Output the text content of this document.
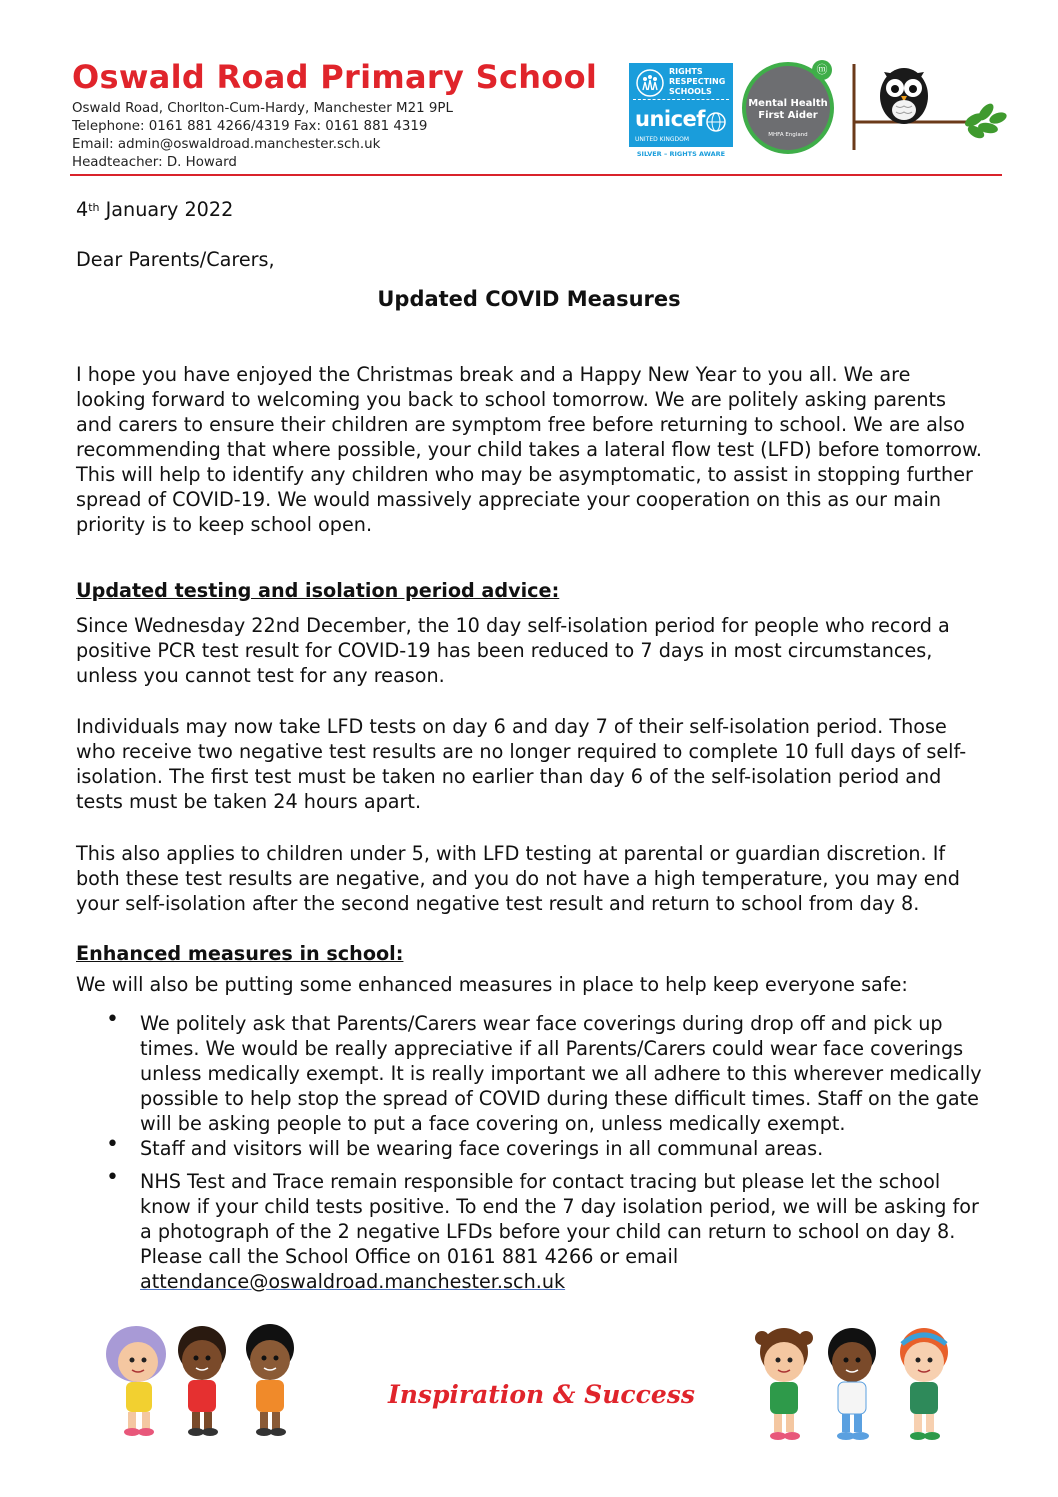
Oswald Road Primary School
Oswald Road, Chorlton-Cum-Hardy, Manchester M21 9PL
Telephone: 0161 881 4266/4319 Fax: 0161 881 4319
Email: admin@oswaldroad.manchester.sch.uk
Headteacher: D. Howard
RIGHTS
RESPECTING
SCHOOLS
unicef
UNITED KINGDOM
SILVER – RIGHTS AWARE
ⓜ
Mental Health
First Aider
MHFA England

4th January 2022

Dear Parents/Carers,

Updated COVID Measures

I hope you have enjoyed the Christmas break and a Happy New Year to you all. We are looking forward to welcoming you back to school tomorrow. We are politely asking parents and carers to ensure their children are symptom free before returning to school. We are also recommending that where possible, your child takes a lateral flow test (LFD) before tomorrow. This will help to identify any children who may be asymptomatic, to assist in stopping further spread of COVID-19. We would massively appreciate your cooperation on this as our main priority is to keep school open.

Updated testing and isolation period advice:

Since Wednesday 22nd December, the 10 day self-isolation period for people who record a positive PCR test result for COVID-19 has been reduced to 7 days in most circumstances, unless you cannot test for any reason.

Individuals may now take LFD tests on day 6 and day 7 of their self-isolation period. Those who receive two negative test results are no longer required to complete 10 full days of self-isolation. The first test must be taken no earlier than day 6 of the self-isolation period and tests must be taken 24 hours apart.

This also applies to children under 5, with LFD testing at parental or guardian discretion. If both these test results are negative, and you do not have a high temperature, you may end your self-isolation after the second negative test result and return to school from day 8.

Enhanced measures in school:

We will also be putting some enhanced measures in place to help keep everyone safe:

• We politely ask that Parents/Carers wear face coverings during drop off and pick up times. We would be really appreciative if all Parents/Carers could wear face coverings unless medically exempt. It is really important we all adhere to this wherever medically possible to help stop the spread of COVID during these difficult times. Staff on the gate will be asking people to put a face covering on, unless medically exempt.
• Staff and visitors will be wearing face coverings in all communal areas.
• NHS Test and Trace remain responsible for contact tracing but please let the school know if your child tests positive. To end the 7 day isolation period, we will be asking for a photograph of the 2 negative LFDs before your child can return to school on day 8. Please call the School Office on 0161 881 4266 or email
attendance@oswaldroad.manchester.sch.uk
Inspiration & Success
